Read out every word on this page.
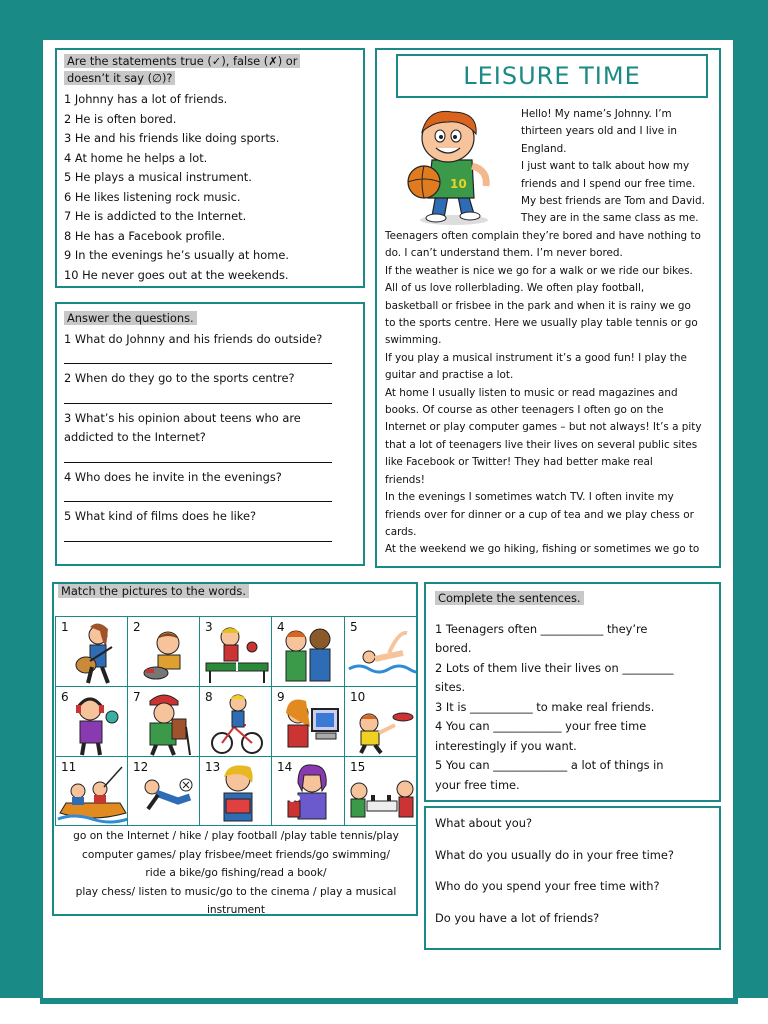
Are the statements true (✓), false (✗) or
doesn’t it say (∅)?
1 Johnny has a lot of friends.
2 He is often bored.
3 He and his friends like doing sports.
4 At home he helps a lot.
5 He plays a musical instrument.
6 He likes listening rock music.
7 He is addicted to the Internet.
8 He has a Facebook profile.
9 In the evenings he’s usually at home.
10 He never goes out at the weekends.
Answer the questions.
1 What do Johnny and his friends do outside?
2 When do they go to the sports centre?
3 What’s his opinion about teens who are
addicted to the Internet?
4 Who does he invite in the evenings?
5 What kind of films does he like?
LEISURE TIME
10

Hello! My name’s Johnny. I’m

thirteen years old and I live in

England.

I just want to talk about how my

friends and I spend our free time.

My best friends are Tom and David.

They are in the same class as me.

Teenagers often complain they’re bored and have nothing to

do. I can’t understand them. I’m never bored.

If the weather is nice we go for a walk or we ride our bikes.

All of us love rollerblading. We often play football,

basketball or frisbee in the park and when it is rainy we go

to the sports centre. Here we usually play table tennis or go

swimming.

If you play a musical instrument it’s a good fun! I play the

guitar and practise a lot.

At home I usually listen to music or read magazines and

books. Of course as other teenagers I often go on the

Internet or play computer games – but not always! It’s a pity

that a lot of teenagers live their lives on several public sites

like Facebook or Twitter! They had better make real

friends!

In the evenings I sometimes watch TV. I often invite my

friends over for dinner or a cup of tea and we play chess or

cards.

At the weekend we go hiking, fishing or sometimes we go to

Match the pictures to the words.
1	2	3	4	5
6	7	8	9	10
11	12	13	14	15
go on the Internet / hike / play football /play table tennis/play
computer games/ play frisbee/meet friends/go swimming/
ride a bike/go fishing/read a book/
play chess/ listen to music/go to the cinema / play a musical
instrument
Complete the sentences.
1 Teenagers often ___________ they’re
bored.
2 Lots of them live their lives on _________
sites.
3 It is ___________ to make real friends.
4 You can ____________ your free time
interestingly if you want.
5 You can _____________ a lot of things in
your free time.
What about you?
What do you usually do in your free time?
Who do you spend your free time with?
Do you have a lot of friends?
